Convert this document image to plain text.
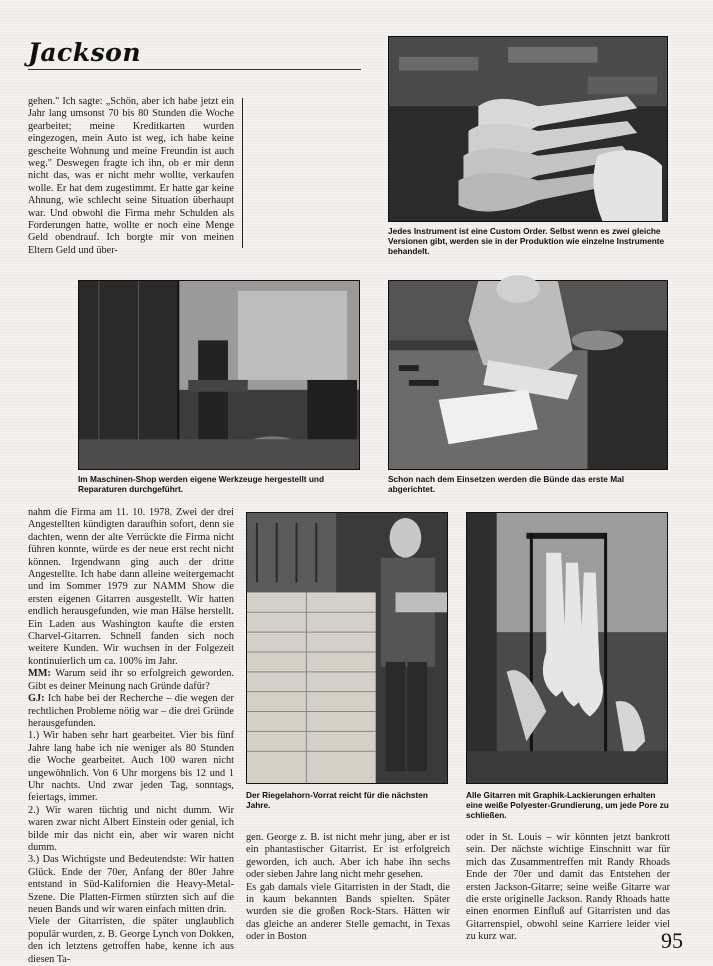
Jackson

gehen." Ich sagte: „Schön, aber ich habe jetzt ein Jahr lang umsonst 70 bis 80 Stunden die Woche gearbeitet; meine Kreditkarten wurden eingezogen, mein Auto ist weg, ich habe keine gescheite Wohnung und meine Freundin ist auch weg." Deswegen fragte ich ihn, ob er mir denn nicht das, was er nicht mehr wollte, verkaufen wolle. Er hat dem zugestimmt. Er hatte gar keine Ahnung, wie schlecht seine Situation überhaupt war. Und obwohl die Firma mehr Schulden als Forderungen hatte, wollte er noch eine Menge Geld obendrauf. Ich borgte mir von meinen Eltern Geld und über-

Jedes Instrument ist eine Custom Order. Selbst wenn es zwei gleiche Versionen gibt, werden sie in der Produktion wie einzelne Instrumente behandelt.
Im Maschinen-Shop werden eigene Werkzeuge hergestellt und Reparaturen durchgeführt.
Schon nach dem Einsetzen werden die Bünde das erste Mal abgerichtet.

nahm die Firma am 11. 10. 1978. Zwei der drei Angestellten kündigten daraufhin sofort, denn sie dachten, wenn der alte Verrückte die Firma nicht führen konnte, würde es der neue erst recht nicht können. Irgendwann ging auch der dritte Angestellte. Ich habe dann alleine weitergemacht und im Sommer 1979 zur NAMM Show die ersten eigenen Gitarren ausgestellt. Wir hatten endlich herausgefunden, wie man Hälse herstellt. Ein Laden aus Washington kaufte die ersten Charvel-Gitarren. Schnell fanden sich noch weitere Kunden. Wir wuchsen in der Folgezeit kontinuierlich um ca. 100% im Jahr.

MM: Warum seid ihr so erfolgreich geworden. Gibt es deiner Meinung nach Gründe dafür?

GJ: Ich habe bei der Recherche – die wegen der rechtlichen Probleme nötig war – die drei Gründe herausgefunden.

1.) Wir haben sehr hart gearbeitet. Vier bis fünf Jahre lang habe ich nie weniger als 80 Stunden die Woche gearbeitet. Auch 100 waren nicht ungewöhnlich. Von 6 Uhr morgens bis 12 und 1 Uhr nachts. Und zwar jeden Tag, sonntags, feiertags, immer.

2.) Wir waren tüchtig und nicht dumm. Wir waren zwar nicht Albert Einstein oder genial, ich bilde mir das nicht ein, aber wir waren nicht dumm.

3.) Das Wichtigste und Bedeutendste: Wir hatten Glück. Ende der 70er, Anfang der 80er Jahre entstand in Süd-Kalifornien die Heavy-Metal-Szene. Die Platten-Firmen stürzten sich auf die neuen Bands und wir waren einfach mitten drin.

Viele der Gitarristen, die später unglaublich populär wurden, z. B. George Lynch von Dokken, den ich letztens getroffen habe, kenne ich aus diesen Ta-

Der Riegelahorn-Vorrat reicht für die nächsten Jahre.
Alle Gitarren mit Graphik-Lackierungen erhalten eine weiße Polyester-Grundierung, um jede Pore zu schließen.

gen. George z. B. ist nicht mehr jung, aber er ist ein phantastischer Gitarrist. Er ist erfolgreich geworden, ich auch. Aber ich habe ihn sechs oder sieben Jahre lang nicht mehr gesehen.

Es gab damals viele Gitarristen in der Stadt, die in kaum bekannten Bands spielten. Später wurden sie die großen Rock-Stars. Hätten wir das gleiche an anderer Stelle gemacht, in Texas oder in Boston

oder in St. Louis – wir könnten jetzt bankrott sein. Der nächste wichtige Einschnitt war für mich das Zusammentreffen mit Randy Rhoads Ende der 70er und damit das Entstehen der ersten Jackson-Gitarre; seine weiße Gitarre war die erste originelle Jackson. Randy Rhoads hatte einen enormen Einfluß auf Gitarristen und das Gitarrenspiel, obwohl seine Karriere leider viel zu kurz war.	95
